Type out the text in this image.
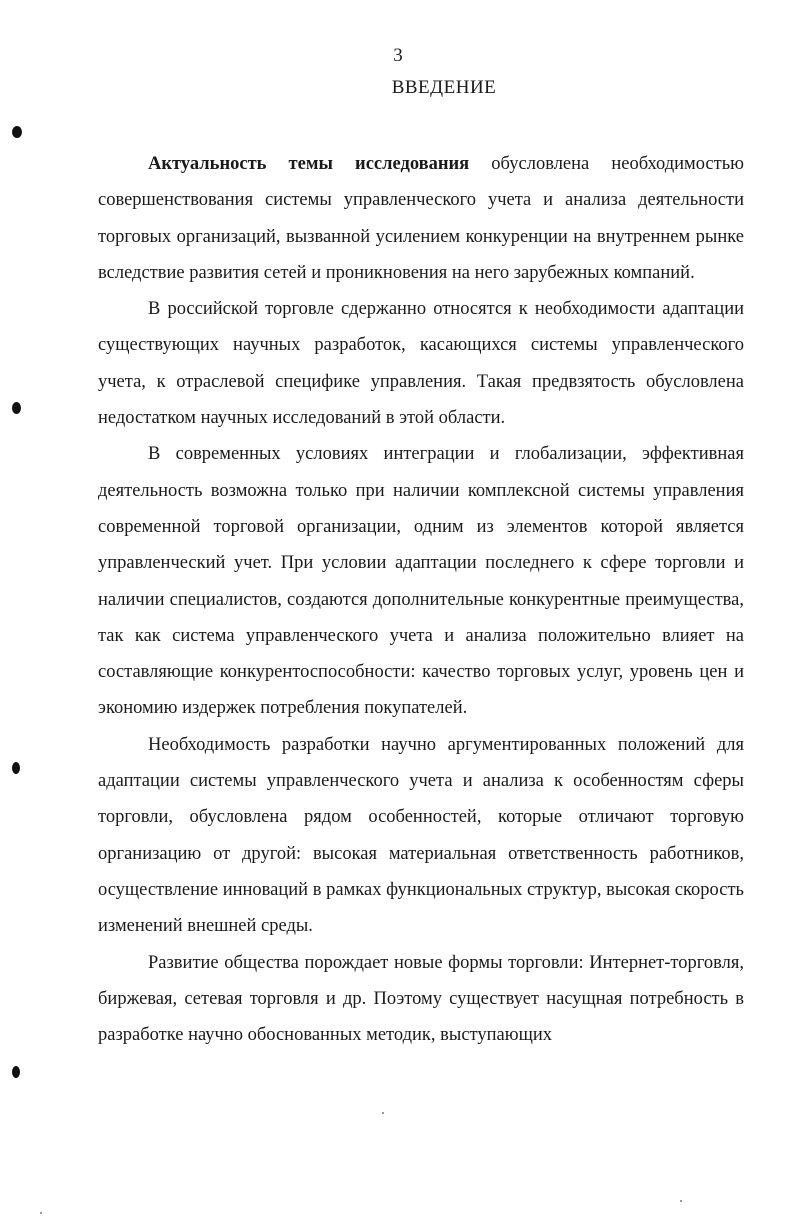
3
ВВЕДЕНИЕ

Актуальность темы исследования обусловлена необходимостью совершенствования системы управленческого учета и анализа деятельности торговых организаций, вызванной усилением конкуренции на внутреннем рынке вследствие развития сетей и проникновения на него зарубежных компаний.

В российской торговле сдержанно относятся к необходимости адаптации существующих научных разработок, касающихся системы управленческого учета, к отраслевой специфике управления. Такая предвзятость обусловлена недостатком научных исследований в этой области.

В современных условиях интеграции и глобализации, эффективная деятельность возможна только при наличии комплексной системы управления современной торговой организации, одним из элементов которой является управленческий учет. При условии адаптации последнего к сфере торговли и наличии специалистов, создаются дополнительные конкурентные преимущества, так как система управленческого учета и анализа положительно влияет на составляющие конкурентоспособности: качество торговых услуг, уровень цен и экономию издержек потребления покупателей.

Необходимость разработки научно аргументированных положений для адаптации системы управленческого учета и анализа к особенностям сферы торговли, обусловлена рядом особенностей, которые отличают торговую организацию от другой: высокая материальная ответственность работников, осуществление инноваций в рамках функциональных структур, высокая скорость изменений внешней среды.

Развитие общества порождает новые формы торговли: Интернет-торговля, биржевая, сетевая торговля и др. Поэтому существует насущная потребность в разработке научно обоснованных методик, выступающих
